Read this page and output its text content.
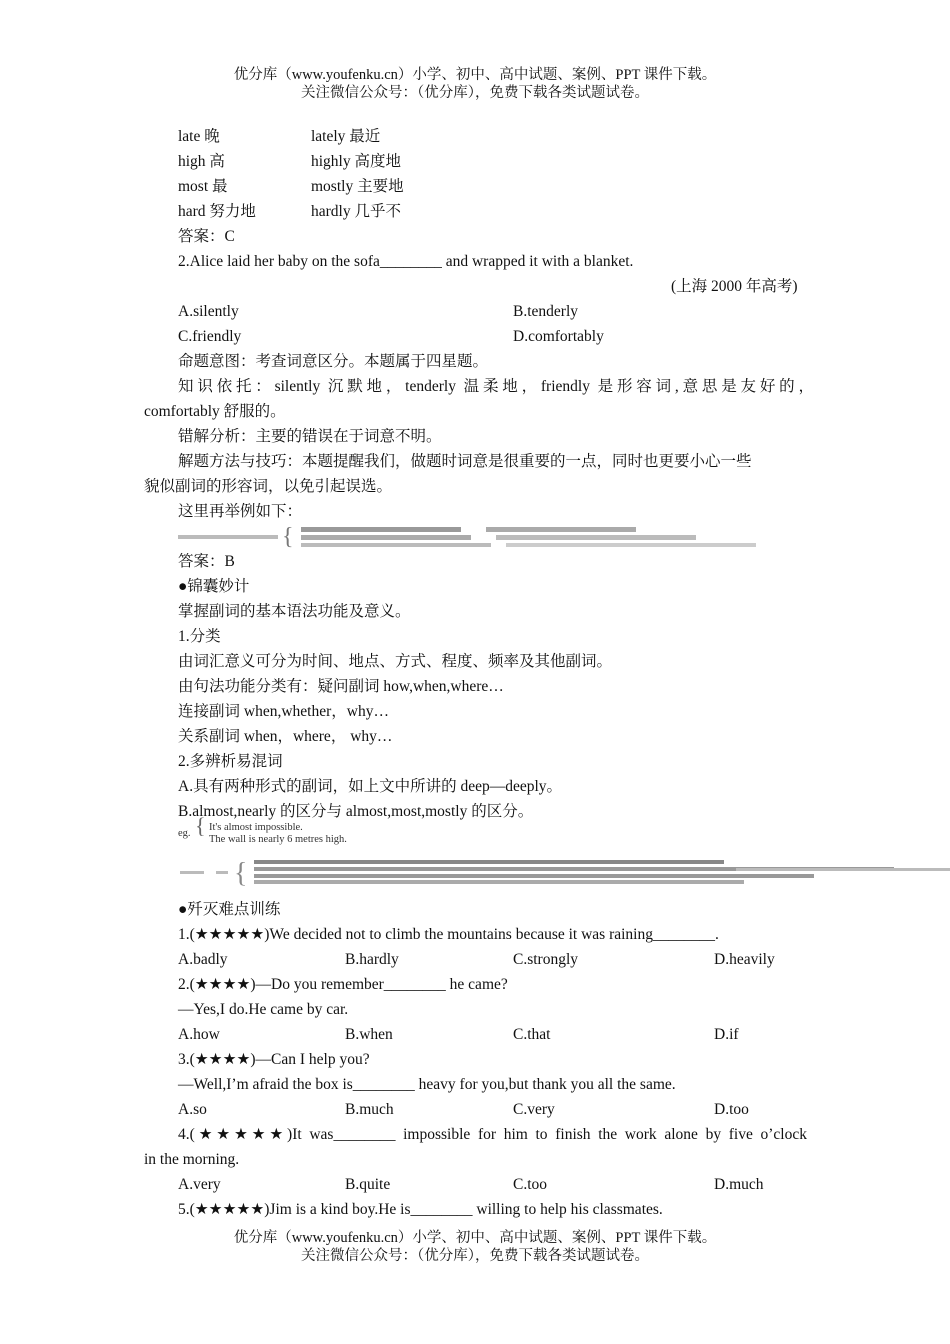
优分库（www.youfenku.cn）小学、初中、高中试题、案例、PPT 课件下载。
关注微信公众号：（优分库），免费下载各类试题试卷。
late 晚	lately 最近
high 高	highly 高度地
most 最	mostly 主要地
hard 努力地	hardly 几乎不
答案：C
2.Alice laid her baby on the sofa________ and wrapped it with a blanket.
(上海 2000 年高考)
A.silently	B.tenderly
C.friendly	D.comfortably
命题意图：考查词意区分。本题属于四星题。
知识依托：silently 沉默地，tenderly 温柔地，friendly 是形容词,意思是友好的，
comfortably 舒服的。
错解分析：主要的错误在于词意不明。
解题方法与技巧：本题提醒我们，做题时词意是很重要的一点，同时也更要小心一些
貌似副词的形容词，以免引起误选。
这里再举例如下：
{
答案：B
●锦囊妙计
掌握副词的基本语法功能及意义。
1.分类
由词汇意义可分为时间、地点、方式、程度、频率及其他副词。
由句法功能分类有：疑问副词 how,when,where…
连接副词 when,whether，why…
关系副词 when，where， why…
2.多辨析易混词
A.具有两种形式的副词，如上文中所讲的 deep—deeply。
B.almost,nearly 的区分与 almost,most,mostly 的区分。
eg. { It's almost impossible.
The wall is nearly 6 metres high.
{
●歼灭难点训练
1.(★★★★★)We decided not to climb the mountains because it was raining________.
A.badly	B.hardly	C.strongly	D.heavily
2.(★★★★)—Do you remember________ he came?
—Yes,I do.He came by car.
A.how	B.when	C.that	D.if
3.(★★★★)—Can I help you?
—Well,I’m afraid the box is________ heavy for you,but thank you all the same.
A.so	B.much	C.very	D.too
4.(★★★★★)It was________ impossible for him to finish the work alone by five o’clock
in the morning.
A.very	B.quite	C.too	D.much
5.(★★★★★)Jim is a kind boy.He is________ willing to help his classmates.
优分库（www.youfenku.cn）小学、初中、高中试题、案例、PPT 课件下载。
关注微信公众号：（优分库），免费下载各类试题试卷。
